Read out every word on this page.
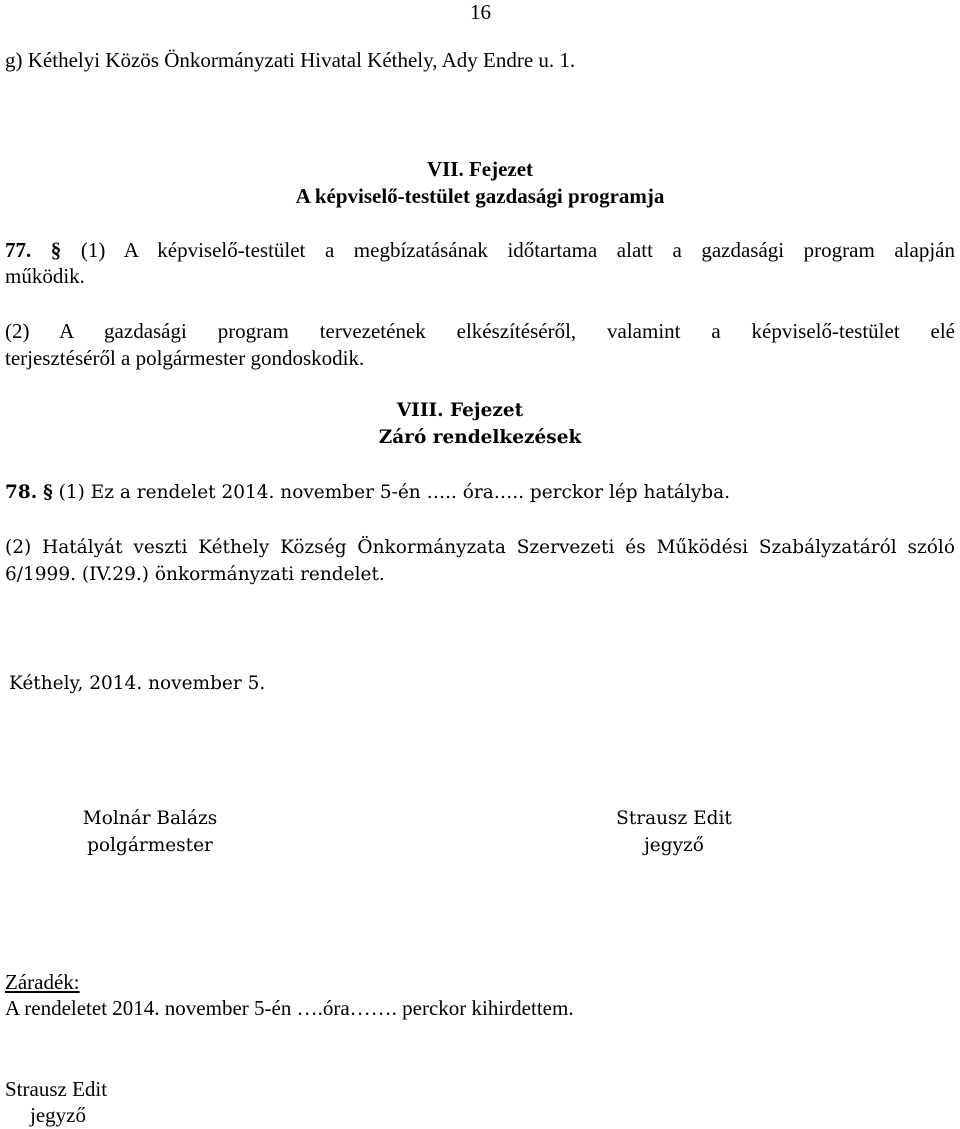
16
g) Kéthelyi Közös Önkormányzati Hivatal Kéthely, Ady Endre u. 1.
VII. Fejezet
A képviselő-testület gazdasági programja
77. § (1) A képviselő-testület a megbízatásának időtartama alatt a gazdasági program alapján
működik.
(2) A gazdasági program tervezetének elkészítéséről, valamint a képviselő-testület elé
terjesztéséről a polgármester gondoskodik.
VIII. Fejezet
Záró rendelkezések
78. § (1) Ez a rendelet 2014. november 5-én ….. óra….. perckor lép hatályba.
(2) Hatályát veszti Kéthely Község Önkormányzata Szervezeti és Működési Szabályzatáról szóló
6/1999. (IV.29.) önkormányzati rendelet.
Kéthely, 2014. november 5.
Molnár Balázs
polgármester
Strausz Edit
jegyző
Záradék:
A rendeletet 2014. november 5-én ….óra……. perckor kihirdettem.
Strausz Edit
jegyző
